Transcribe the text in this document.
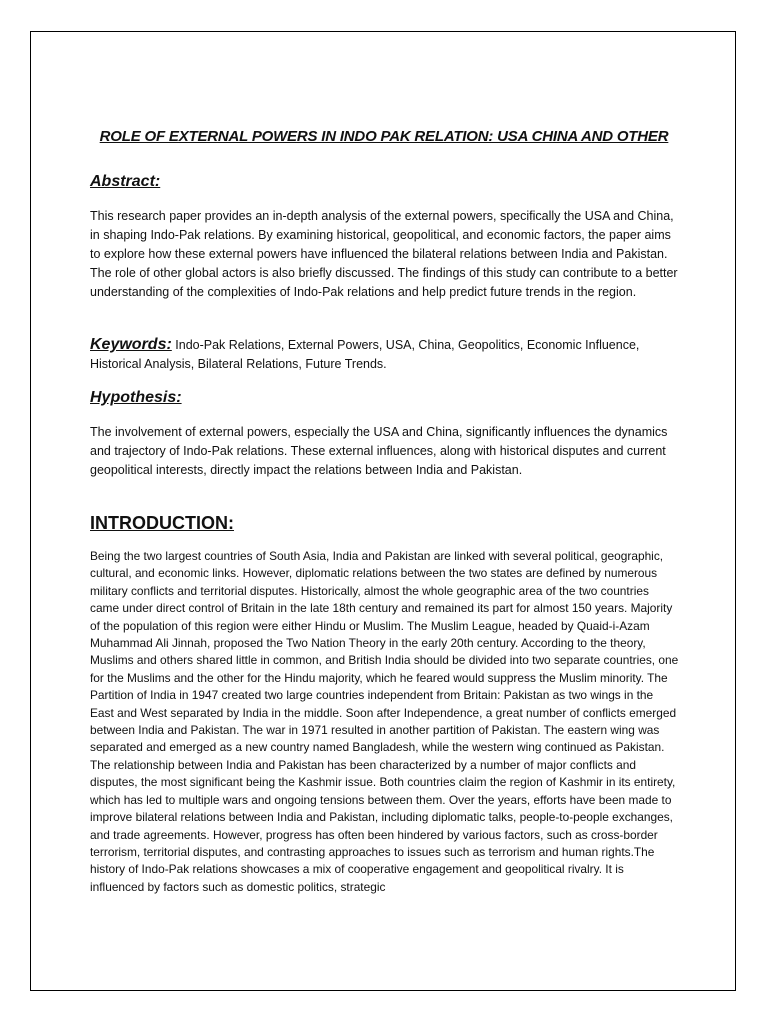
ROLE OF EXTERNAL POWERS IN INDO PAK RELATION: USA CHINA AND OTHER
Abstract:

This research paper provides an in-depth analysis of the external powers, specifically the USA and China, in shaping Indo-Pak relations. By examining historical, geopolitical, and economic factors, the paper aims to explore how these external powers have influenced the bilateral relations between India and Pakistan. The role of other global actors is also briefly discussed. The findings of this study can contribute to a better understanding of the complexities of Indo-Pak relations and help predict future trends in the region.

Keywords: Indo-Pak Relations, External Powers, USA, China, Geopolitics, Economic Influence, Historical Analysis, Bilateral Relations, Future Trends.

Hypothesis:

The involvement of external powers, especially the USA and China, significantly influences the dynamics and trajectory of Indo-Pak relations. These external influences, along with historical disputes and current geopolitical interests, directly impact the relations between India and Pakistan.

INTRODUCTION:

Being the two largest countries of South Asia, India and Pakistan are linked with several political, geographic, cultural, and economic links. However, diplomatic relations between the two states are defined by numerous military conflicts and territorial disputes. Historically, almost the whole geographic area of the two countries came under direct control of Britain in the late 18th century and remained its part for almost 150 years. Majority of the population of this region were either Hindu or Muslim. The Muslim League, headed by Quaid-i-Azam Muhammad Ali Jinnah, proposed the Two Nation Theory in the early 20th century. According to the theory, Muslims and others shared little in common, and British India should be divided into two separate countries, one for the Muslims and the other for the Hindu majority, which he feared would suppress the Muslim minority. The Partition of India in 1947 created two large countries independent from Britain: Pakistan as two wings in the East and West separated by India in the middle. Soon after Independence, a great number of conflicts emerged between India and Pakistan. The war in 1971 resulted in another partition of Pakistan. The eastern wing was separated and emerged as a new country named Bangladesh, while the western wing continued as Pakistan. The relationship between India and Pakistan has been characterized by a number of major conflicts and disputes, the most significant being the Kashmir issue. Both countries claim the region of Kashmir in its entirety, which has led to multiple wars and ongoing tensions between them. Over the years, efforts have been made to improve bilateral relations between India and Pakistan, including diplomatic talks, people-to-people exchanges, and trade agreements. However, progress has often been hindered by various factors, such as cross-border terrorism, territorial disputes, and contrasting approaches to issues such as terrorism and human rights.The history of Indo-Pak relations showcases a mix of cooperative engagement and geopolitical rivalry. It is influenced by factors such as domestic politics, strategic
